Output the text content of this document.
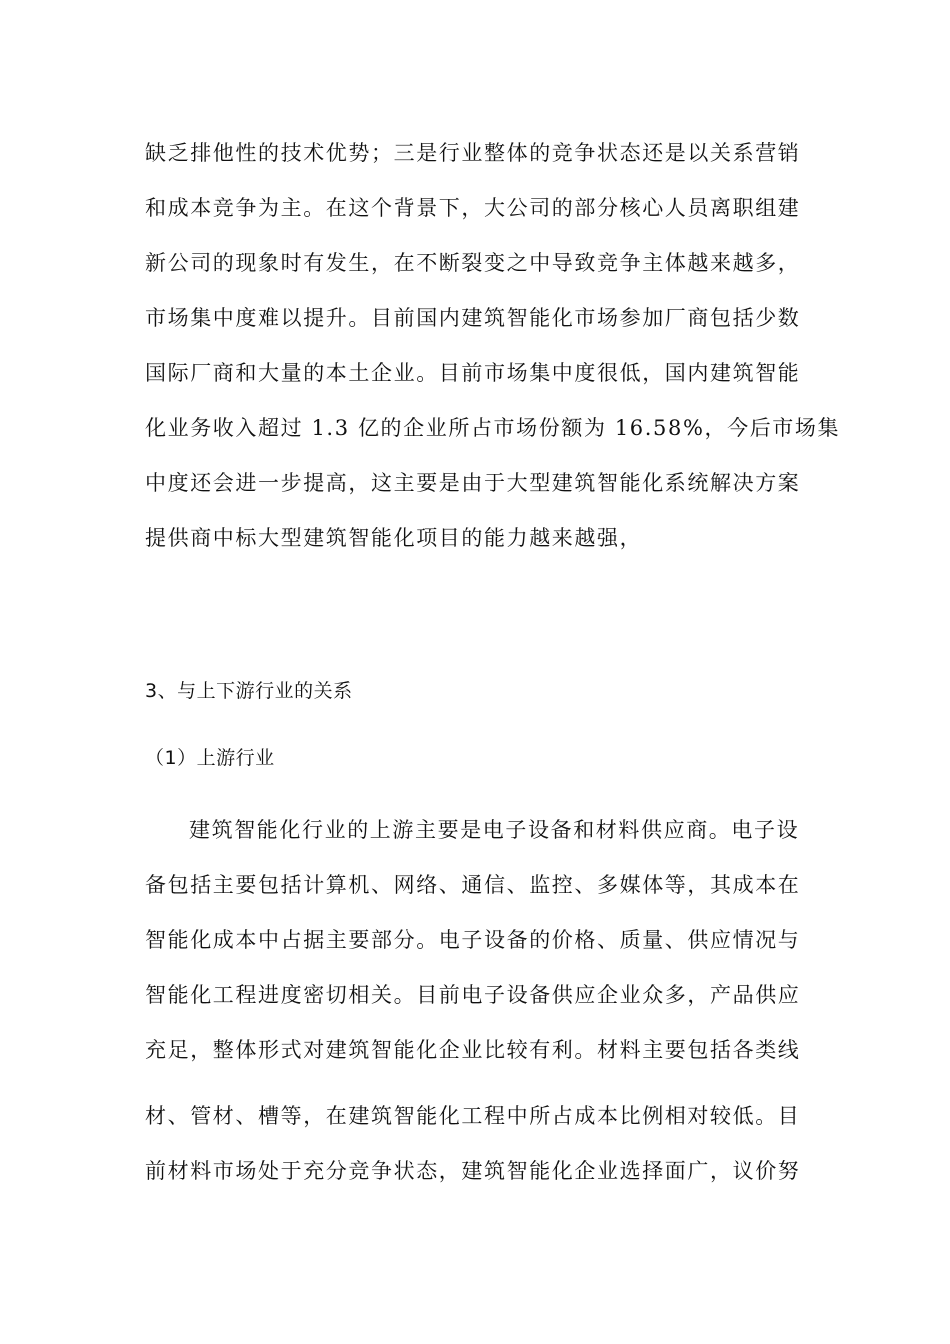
缺乏排他性的技术优势；三是行业整体的竞争状态还是以关系营销
和成本竞争为主。在这个背景下，大公司的部分核心人员离职组建
新公司的现象时有发生，在不断裂变之中导致竞争主体越来越多，
市场集中度难以提升。目前国内建筑智能化市场参加厂商包括少数
国际厂商和大量的本土企业。目前市场集中度很低，国内建筑智能
化业务收入超过 1.3 亿的企业所占市场份额为 16.58%，今后市场集
中度还会进一步提高，这主要是由于大型建筑智能化系统解决方案
提供商中标大型建筑智能化项目的能力越来越强，
3、与上下游行业的关系
（1）上游行业
建筑智能化行业的上游主要是电子设备和材料供应商。电子设
备包括主要包括计算机、网络、通信、监控、多媒体等，其成本在
智能化成本中占据主要部分。电子设备的价格、质量、供应情况与
智能化工程进度密切相关。目前电子设备供应企业众多，产品供应
充足，整体形式对建筑智能化企业比较有利。材料主要包括各类线
材、管材、槽等，在建筑智能化工程中所占成本比例相对较低。目
前材料市场处于充分竞争状态，建筑智能化企业选择面广，议价努
